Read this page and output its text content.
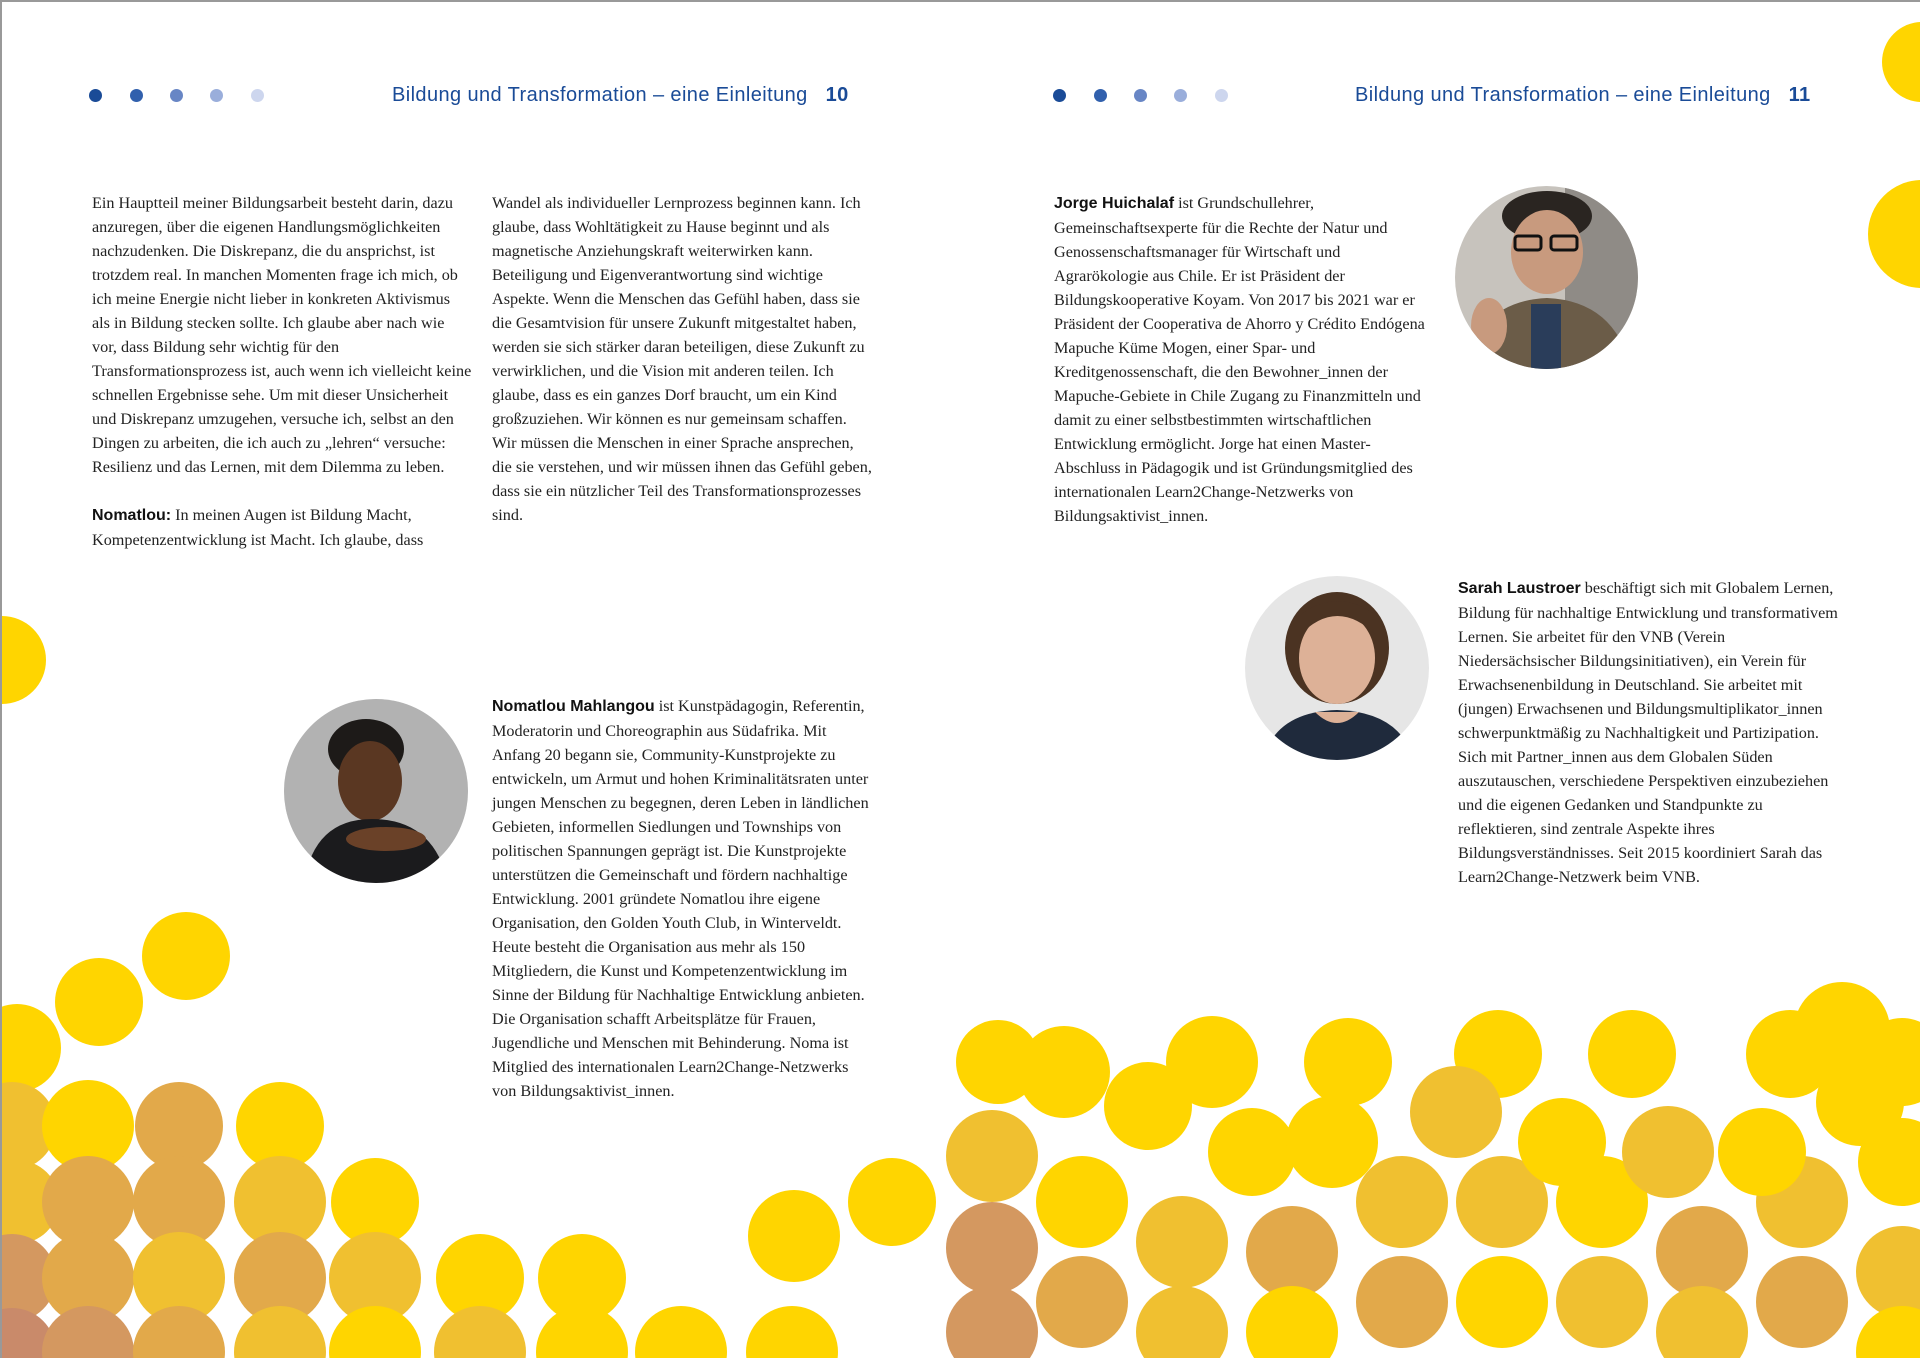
Bildung und Transformation – eine Einleitung 10	Bildung und Transformation – eine Einleitung 11

Ein Hauptteil meiner Bildungsarbeit besteht darin, dazu anzuregen, über die eigenen Handlungsmöglichkeiten nachzudenken. Die Diskrepanz, die du ansprichst, ist trotzdem real. In manchen Momenten frage ich mich, ob ich meine Energie nicht lieber in konkreten Aktivismus als in Bildung stecken sollte. Ich glaube aber nach wie vor, dass Bildung sehr wichtig für den Transformationsprozess ist, auch wenn ich vielleicht keine schnellen Ergebnisse sehe. Um mit dieser Unsicherheit und Diskrepanz umzugehen, versuche ich, selbst an den Dingen zu arbeiten, die ich auch zu „lehren“ versuche: Resilienz und das Lernen, mit dem Dilemma zu leben.

Nomatlou: In meinen Augen ist Bildung Macht, Kompetenzentwicklung ist Macht. Ich glaube, dass

Wandel als individueller Lernprozess beginnen kann. Ich glaube, dass Wohltätigkeit zu Hause beginnt und als magnetische Anziehungskraft weiterwirken kann. Beteiligung und Eigenverantwortung sind wichtige Aspekte. Wenn die Menschen das Gefühl haben, dass sie die Gesamtvision für unsere Zukunft mitgestaltet haben, werden sie sich stärker daran beteiligen, diese Zukunft zu verwirklichen, und die Vision mit anderen teilen. Ich glaube, dass es ein ganzes Dorf braucht, um ein Kind großzuziehen. Wir können es nur gemeinsam schaffen. Wir müssen die Menschen in einer Sprache ansprechen, die sie verstehen, und wir müssen ihnen das Gefühl geben, dass sie ein nützlicher Teil des Transformationsprozesses sind.

Nomatlou Mahlangou ist Kunstpädagogin, Referentin, Moderatorin und Choreographin aus Südafrika. Mit Anfang 20 begann sie, Community-Kunstprojekte zu entwickeln, um Armut und hohen Kriminalitätsraten unter jungen Menschen zu begegnen, deren Leben in ländlichen Gebieten, informellen Siedlungen und Townships von politischen Spannungen geprägt ist. Die Kunstprojekte unterstützen die Gemeinschaft und fördern nachhaltige Entwicklung. 2001 gründete Nomatlou ihre eigene Organisation, den Golden Youth Club, in Winterveldt. Heute besteht die Organisation aus mehr als 150 Mitgliedern, die Kunst und Kompetenzentwicklung im Sinne der Bildung für Nachhaltige Entwicklung anbieten. Die Organisation schafft Arbeitsplätze für Frauen, Jugendliche und Menschen mit Behinderung. Noma ist Mitglied des internationalen Learn2Change-Netzwerks von Bildungsaktivist_innen.

Jorge Huichalaf ist Grundschullehrer, Gemeinschaftsexperte für die Rechte der Natur und Genossenschaftsmanager für Wirtschaft und Agrarökologie aus Chile. Er ist Präsident der Bildungskooperative Koyam. Von 2017 bis 2021 war er Präsident der Cooperativa de Ahorro y Crédito Endógena Mapuche Küme Mogen, einer Spar- und Kreditgenossenschaft, die den Bewohner_innen der Mapuche-Gebiete in Chile Zugang zu Finanzmitteln und damit zu einer selbstbestimmten wirtschaftlichen Entwicklung ermöglicht. Jorge hat einen Master-Abschluss in Pädagogik und ist Gründungsmitglied des internationalen Learn2Change-Netzwerks von Bildungsaktivist_innen.

Sarah Laustroer beschäftigt sich mit Globalem Lernen, Bildung für nachhaltige Entwicklung und transformativem Lernen. Sie arbeitet für den VNB (Verein Niedersächsischer Bildungsinitiativen), ein Verein für Erwachsenenbildung in Deutschland. Sie arbeitet mit (jungen) Erwachsenen und Bildungsmultiplikator_innen schwerpunktmäßig zu Nachhaltigkeit und Partizipation. Sich mit Partner_innen aus dem Globalen Süden auszutauschen, verschiedene Perspektiven einzubeziehen und die eigenen Gedanken und Standpunkte zu reflektieren, sind zentrale Aspekte ihres Bildungsverständnisses. Seit 2015 koordiniert Sarah das Learn2Change-Netzwerk beim VNB.
